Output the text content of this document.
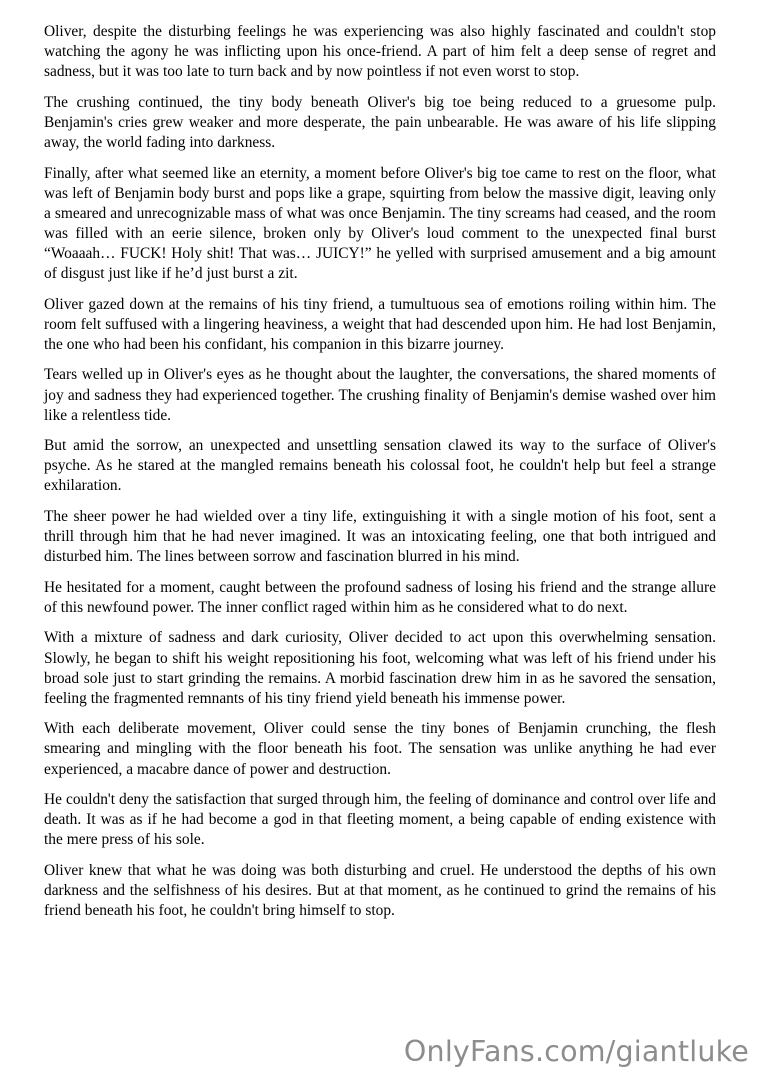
Oliver, despite the disturbing feelings he was experiencing was also highly fascinated and couldn't stop watching the agony he was inflicting upon his once-friend. A part of him felt a deep sense of regret and sadness, but it was too late to turn back and by now pointless if not even worst to stop.

The crushing continued, the tiny body beneath Oliver's big toe being reduced to a gruesome pulp. Benjamin's cries grew weaker and more desperate, the pain unbearable. He was aware of his life slipping away, the world fading into darkness.

Finally, after what seemed like an eternity, a moment before Oliver's big toe came to rest on the floor, what was left of Benjamin body burst and pops like a grape, squirting from below the massive digit, leaving only a smeared and unrecognizable mass of what was once Benjamin. The tiny screams had ceased, and the room was filled with an eerie silence, broken only by Oliver's loud comment to the unexpected final burst “Woaaah… FUCK! Holy shit! That was… JUICY!” he yelled with surprised amusement and a big amount of disgust just like if he’d just burst a zit.

Oliver gazed down at the remains of his tiny friend, a tumultuous sea of emotions roiling within him. The room felt suffused with a lingering heaviness, a weight that had descended upon him. He had lost Benjamin, the one who had been his confidant, his companion in this bizarre journey.

Tears welled up in Oliver's eyes as he thought about the laughter, the conversations, the shared moments of joy and sadness they had experienced together. The crushing finality of Benjamin's demise washed over him like a relentless tide.

But amid the sorrow, an unexpected and unsettling sensation clawed its way to the surface of Oliver's psyche. As he stared at the mangled remains beneath his colossal foot, he couldn't help but feel a strange exhilaration.

The sheer power he had wielded over a tiny life, extinguishing it with a single motion of his foot, sent a thrill through him that he had never imagined. It was an intoxicating feeling, one that both intrigued and disturbed him. The lines between sorrow and fascination blurred in his mind.

He hesitated for a moment, caught between the profound sadness of losing his friend and the strange allure of this newfound power. The inner conflict raged within him as he considered what to do next.

With a mixture of sadness and dark curiosity, Oliver decided to act upon this overwhelming sensation. Slowly, he began to shift his weight repositioning his foot, welcoming what was left of his friend under his broad sole just to start grinding the remains. A morbid fascination drew him in as he savored the sensation, feeling the fragmented remnants of his tiny friend yield beneath his immense power.

With each deliberate movement, Oliver could sense the tiny bones of Benjamin crunching, the flesh smearing and mingling with the floor beneath his foot. The sensation was unlike anything he had ever experienced, a macabre dance of power and destruction.

He couldn't deny the satisfaction that surged through him, the feeling of dominance and control over life and death. It was as if he had become a god in that fleeting moment, a being capable of ending existence with the mere press of his sole.

Oliver knew that what he was doing was both disturbing and cruel. He understood the depths of his own darkness and the selfishness of his desires. But at that moment, as he continued to grind the remains of his friend beneath his foot, he couldn't bring himself to stop.

OnlyFans.com/giantluke
